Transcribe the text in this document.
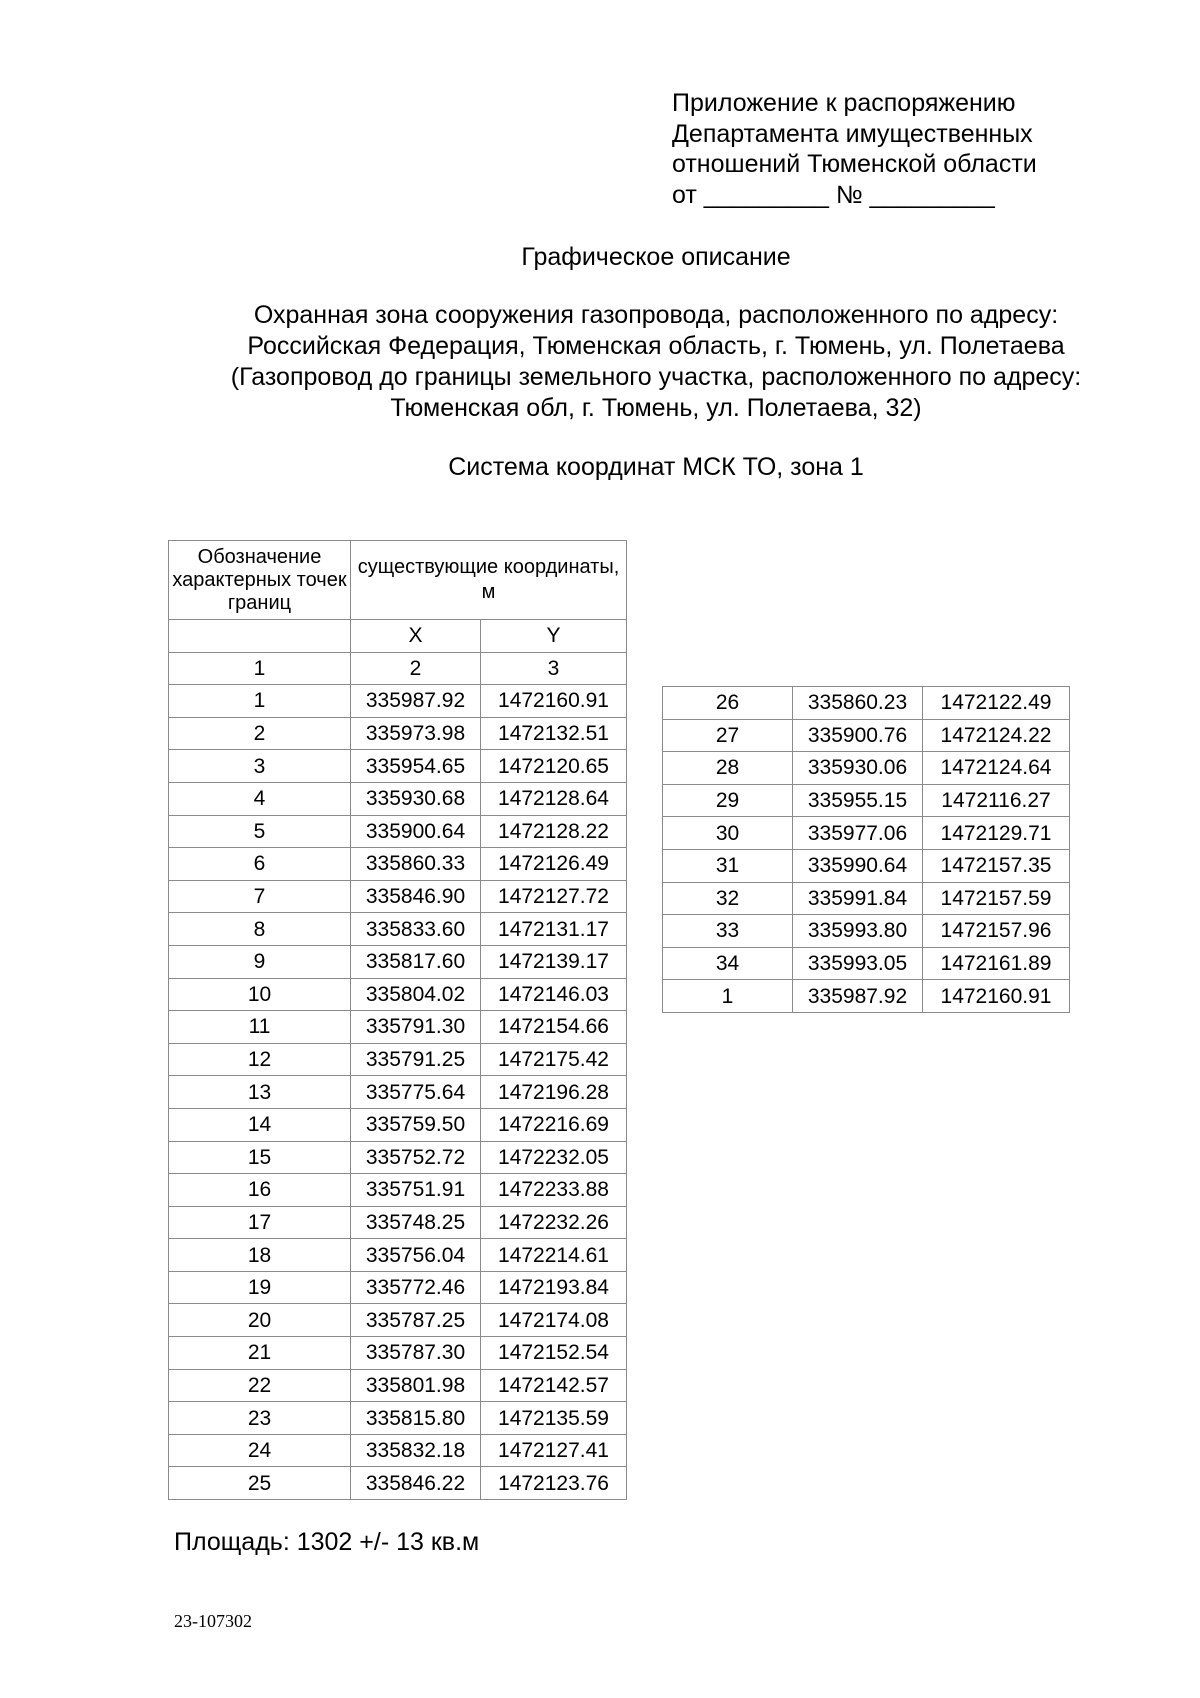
Приложение к распоряжению
Департамента имущественных
отношений Тюменской области
от _________ № _________
Графическое описание
Охранная зона сооружения газопровода, расположенного по адресу:
Российская Федерация, Тюменская область, г. Тюмень, ул. Полетаева
(Газопровод до границы земельного участка, расположенного по адресу:
Тюменская обл, г. Тюмень, ул. Полетаева, 32)
Система координат МСК ТО, зона 1
Обозначение характерных точек границ	существующие координаты, м	
	X	Y
1	2	3
1	335987.92	1472160.91
2	335973.98	1472132.51
3	335954.65	1472120.65
4	335930.68	1472128.64
5	335900.64	1472128.22
6	335860.33	1472126.49
7	335846.90	1472127.72
8	335833.60	1472131.17
9	335817.60	1472139.17
10	335804.02	1472146.03
11	335791.30	1472154.66
12	335791.25	1472175.42
13	335775.64	1472196.28
14	335759.50	1472216.69
15	335752.72	1472232.05
16	335751.91	1472233.88
17	335748.25	1472232.26
18	335756.04	1472214.61
19	335772.46	1472193.84
20	335787.25	1472174.08
21	335787.30	1472152.54
22	335801.98	1472142.57
23	335815.80	1472135.59
24	335832.18	1472127.41
25	335846.22	1472123.76
26	335860.23	1472122.49
27	335900.76	1472124.22
28	335930.06	1472124.64
29	335955.15	1472116.27
30	335977.06	1472129.71
31	335990.64	1472157.35
32	335991.84	1472157.59
33	335993.80	1472157.96
34	335993.05	1472161.89
1	335987.92	1472160.91
Площадь: 1302 +/- 13 кв.м
23-107302
